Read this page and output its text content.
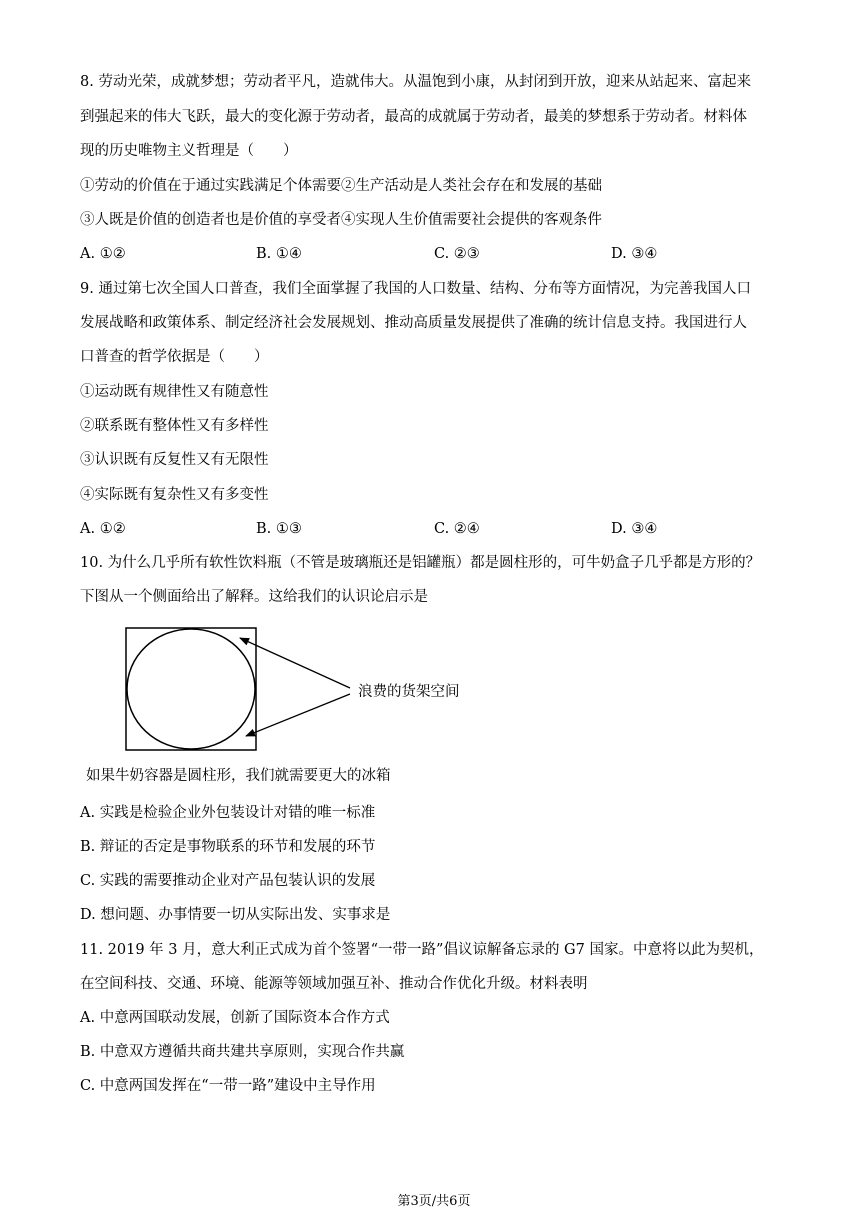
8. 劳动光荣，成就梦想；劳动者平凡，造就伟大。从温饱到小康，从封闭到开放，迎来从站起来、富起来
到强起来的伟大飞跃，最大的变化源于劳动者，最高的成就属于劳动者，最美的梦想系于劳动者。材料体
现的历史唯物主义哲理是（　　）
①劳动的价值在于通过实践满足个体需要②生产活动是人类社会存在和发展的基础
③人既是价值的创造者也是价值的享受者④实现人生价值需要社会提供的客观条件
A. ①②	B. ①④	C. ②③	D. ③④
9. 通过第七次全国人口普查，我们全面掌握了我国的人口数量、结构、分布等方面情况，为完善我国人口
发展战略和政策体系、制定经济社会发展规划、推动高质量发展提供了准确的统计信息支持。我国进行人
口普查的哲学依据是（　　）
①运动既有规律性又有随意性
②联系既有整体性又有多样性
③认识既有反复性又有无限性
④实际既有复杂性又有多变性
A. ①②	B. ①③	C. ②④	D. ③④
10. 为什么几乎所有软性饮料瓶（不管是玻璃瓶还是铝罐瓶）都是圆柱形的，可牛奶盒子几乎都是方形的？
下图从一个侧面给出了解释。这给我们的认识论启示是
浪费的货架空间
如果牛奶容器是圆柱形，我们就需要更大的冰箱
A. 实践是检验企业外包装设计对错的唯一标准
B. 辩证的否定是事物联系的环节和发展的环节
C. 实践的需要推动企业对产品包装认识的发展
D. 想问题、办事情要一切从实际出发、实事求是
11. 2019 年 3 月，意大利正式成为首个签署“一带一路”倡议谅解备忘录的 G7 国家。中意将以此为契机，
在空间科技、交通、环境、能源等领域加强互补、推动合作优化升级。材料表明
A. 中意两国联动发展，创新了国际资本合作方式
B. 中意双方遵循共商共建共享原则，实现合作共赢
C. 中意两国发挥在“一带一路”建设中主导作用
第3页/共6页
